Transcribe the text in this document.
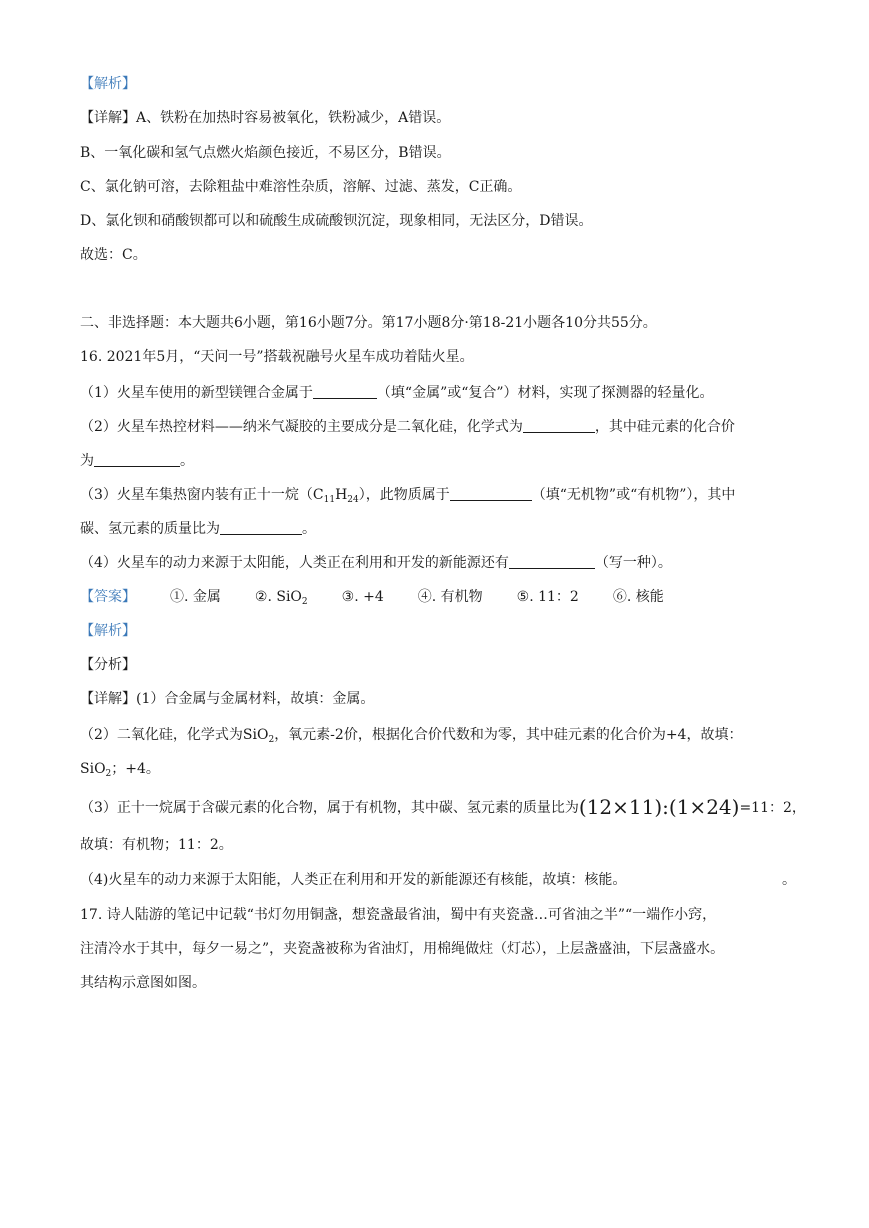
【解析】
【详解】A、铁粉在加热时容易被氧化，铁粉减少，A错误。
B、一氧化碳和氢气点燃火焰颜色接近，不易区分，B错误。
C、氯化钠可溶，去除粗盐中难溶性杂质，溶解、过滤、蒸发，C正确。
D、氯化钡和硝酸钡都可以和硫酸生成硫酸钡沉淀，现象相同，无法区分，D错误。
故选：C。
二、非选择题：本大题共6小题，第16小题7分。第17小题8分·第18-21小题各10分共55分。
16. 2021年5月，“天问一号”搭载祝融号火星车成功着陆火星。
（1）火星车使用的新型镁锂合金属于	（填“金属”或“复合”）材料，实现了探测器的轻量化。
（2）火星车热控材料——纳米气凝胶的主要成分是二氧化硅，化学式为	，其中硅元素的化合价
为	。
（3）火星车集热窗内装有正十一烷$(C_{11}H_{24})$，此物质属于	（填“无机物”或“有机物”），其中
碳、氢元素的质量比为	。
（4）火星车的动力来源于太阳能，人类正在利用和开发的新能源还有	（写一种）。
【答案】 ①. 金属 ②. SiO$_2$ ③. +4 ④. 有机物 ⑤. 11：2 ⑥. 核能
【解析】
【分析】
【详解】(1）合金属与金属材料，故填：金属。
（2）二氧化硅，化学式为SiO$_2$，氧元素-2价，根据化合价代数和为零，其中硅元素的化合价为+4，故填：
SiO$_2$；+4。
（3）正十一烷属于含碳元素的化合物，属于有机物，其中碳、氢元素的质量比为(12×11):(1×24)=11：2，
故填：有机物；11：2。
（4)火星车的动力来源于太阳能，人类正在利用和开发的新能源还有核能，故填：核能。	。
17. 诗人陆游的笔记中记载“书灯勿用铜盏，想瓷盏最省油，蜀中有夹瓷盏…可省油之半”“一端作小窍，
注清冷水于其中，每夕一易之”，夹瓷盏被称为省油灯，用棉绳做炷（灯芯），上层盏盛油，下层盏盛水。
其结构示意图如图。
